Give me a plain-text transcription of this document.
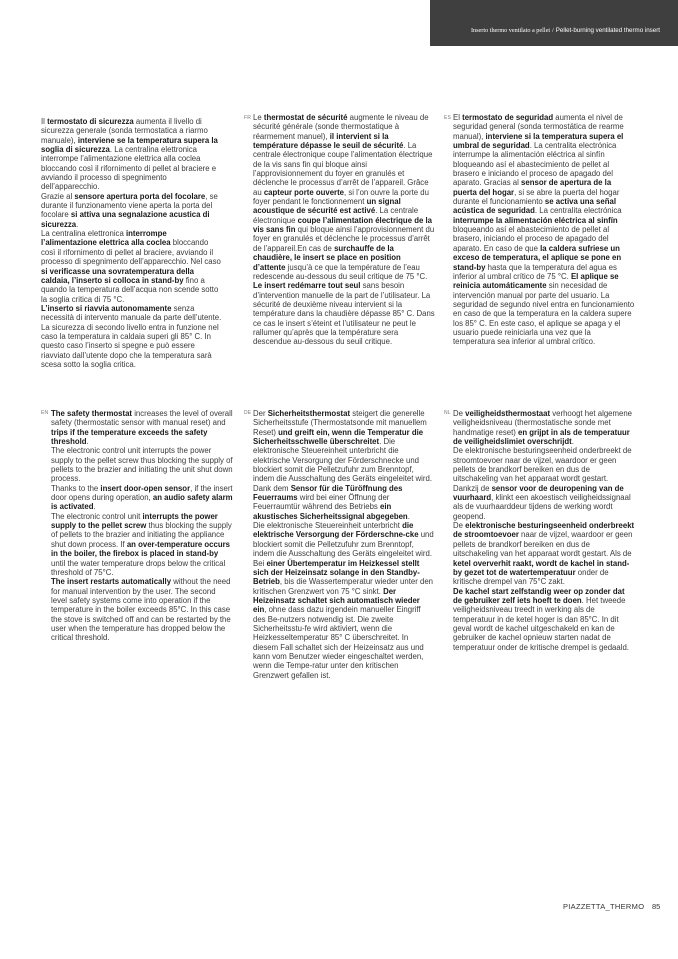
Inserto thermo ventilato a pellet / Pellet-burning ventilated thermo insert

Il termostato di sicurezza aumenta il livello di sicurezza generale (sonda termostatica a riarmo manuale), interviene se la temperatura supera la soglia di sicurezza. La centralina elettronica interrompe l’alimentazione elettrica alla coclea bloccando così il rifornimento di pellet al braciere e avviando il processo di spegnimento dell’apparecchio.

Grazie al sensore apertura porta del focolare, se durante il funzionamento viene aperta la porta del focolare si attiva una segnalazione acustica di sicurezza.

La centralina elettronica interrompe l’alimentazione elettrica alla coclea bloccando così il rifornimento di pellet al braciere, avviando il processo di spegnimento dell’apparecchio. Nel caso si verificasse una sovratemperatura della caldaia, l’inserto si colloca in stand-by fino a quando la temperatura dell’acqua non scende sotto la soglia critica di 75 °C.

L’inserto si riavvia autonomamente senza necessità di intervento manuale da parte dell’utente. La sicurezza di secondo livello entra in funzione nel caso la temperatura in caldaia superi gli 85° C. In questo caso l’inserto si spegne e può essere riavviato dall’utente dopo che la temperatura sarà scesa sotto la soglia critica.

FR Le thermostat de sécurité augmente le niveau de sécurité générale (sonde thermostatique à réarmement manuel), il intervient si la température dépasse le seuil de sécurité. La centrale électronique coupe l’alimentation électrique de la vis sans fin qui bloque ainsi l’approvisionnement du foyer en granulés et déclenche le processus d’arrêt de l’appareil. Grâce au capteur porte ouverte, si l’on ouvre la porte du foyer pendant le fonctionnement un signal acoustique de sécurité est activé. La centrale électronique coupe l’alimentation électrique de la vis sans fin qui bloque ainsi l’approvisionnement du foyer en granulés et déclenche le processus d’arrêt de l’appareil.En cas de surchauffe de la chaudière, le insert se place en position d’attente jusqu’à ce que la température de l’eau redescende au-dessous du seuil critique de 75 °C. Le insert redémarre tout seul sans besoin d’intervention manuelle de la part de l’utilisateur. La sécurité de deuxième niveau intervient si la température dans la chaudière dépasse 85° C. Dans ce cas le insert s’éteint et l’utilisateur ne peut le rallumer qu’après que la température sera descendue au-dessous du seuil critique.

ES El termostato de seguridad aumenta el nivel de seguridad general (sonda termostática de rearme manual), interviene si la temperatura supera el umbral de seguridad. La centralita electrónica interrumpe la alimentación eléctrica al sinfín bloqueando así el abastecimiento de pellet al brasero e iniciando el proceso de apagado del aparato. Gracias al sensor de apertura de la puerta del hogar, si se abre la puerta del hogar durante el funcionamiento se activa una señal acústica de seguridad. La centralita electrónica interrumpe la alimentación eléctrica al sinfín bloqueando así el abastecimiento de pellet al brasero, iniciando el proceso de apagado del aparato. En caso de que la caldera sufriese un exceso de temperatura, el aplique se pone en stand-by hasta que la temperatura del agua es inferior al umbral crítico de 75 °C. El aplique se reinicia automáticamente sin necesidad de intervención manual por parte del usuario. La seguridad de segundo nivel entra en funcionamiento en caso de que la temperatura en la caldera supere los 85° C. En este caso, el aplique se apaga y el usuario puede reiniciarla una vez que la temperatura sea inferior al umbral crítico.

EN The safety thermostat increases the level of overall safety (thermostatic sensor with manual reset) and trips if the temperature exceeds the safety threshold.

The electronic control unit interrupts the power supply to the pellet screw thus blocking the supply of pellets to the brazier and initiating the unit shut down process.

Thanks to the insert door-open sensor, if the insert door opens during operation, an audio safety alarm is activated.

The electronic control unit interrupts the power supply to the pellet screw thus blocking the supply of pellets to the brazier and initiating the appliance shut down process. If an over-temperature occurs in the boiler, the firebox is placed in stand-by until the water temperature drops below the critical threshold of 75°C.

The insert restarts automatically without the need for manual intervention by the user. The second level safety systems come into operation if the temperature in the boiler exceeds 85°C. In this case the stove is switched off and can be restarted by the user when the temperature has dropped below the critical threshold.

DE Der Sicherheitsthermostat steigert die generelle Sicherheitsstufe (Thermostatsonde mit manuellem Reset) und greift ein, wenn die Temperatur die Sicherheitsschwelle überschreitet. Die elektronische Steuereinheit unterbricht die elektrische Versorgung der Förderschnecke und blockiert somit die Pelletzufuhr zum Brenntopf, indem die Ausschaltung des Geräts eingeleitet wird. Dank dem Sensor für die Türöffnung des Feuerraums wird bei einer Öffnung der Feuerraumtür während des Betriebs ein akustisches Sicherheitssignal abgegeben.

Die elektronische Steuereinheit unterbricht die elektrische Versorgung der Förderschne-cke und blockiert somit die Pelletzufuhr zum Brenntopf, indem die Ausschaltung des Geräts eingeleitet wird. Bei einer Übertemperatur im Heizkessel stellt sich der Heizeinsatz solange in den Standby-Betrieb, bis die Wassertemperatur wieder unter den kritischen Grenzwert von 75 °C sinkt. Der Heizeinsatz schaltet sich automatisch wieder ein, ohne dass dazu irgendein manueller Eingriff des Be-nutzers notwendig ist. Die zweite Sicherheitsstu-fe wird aktiviert, wenn die Heizkesseltemperatur 85° C überschreitet. In diesem Fall schaltet sich der Heizeinsatz aus und kann vom Benutzer wieder eingeschaltet werden, wenn die Tempe-ratur unter den kritischen Grenzwert gefallen ist.

NL De veiligheidsthermostaat verhoogt het algemene veiligheidsniveau (thermostatische sonde met handmatige reset) en grijpt in als de temperatuur de veiligheidslimiet overschrijdt.

De elektronische besturingseenheid onderbreekt de stroomtoevoer naar de vijzel, waardoor er geen pellets de brandkorf bereiken en dus de uitschakeling van het apparaat wordt gestart.

Dankzij de sensor voor de deuropening van de vuurhaard, klinkt een akoestisch veiligheidssignaal als de vuurhaarddeur tijdens de werking wordt geopend.

De elektronische besturingseenheid onderbreekt de stroomtoevoer naar de vijzel, waardoor er geen pellets de brandkorf bereiken en dus de uitschakeling van het apparaat wordt gestart. Als de ketel oververhit raakt, wordt de kachel in stand-by gezet tot de watertemperatuur onder de kritische drempel van 75°C zakt.

De kachel start zelfstandig weer op zonder dat de gebruiker zelf iets hoeft te doen. Het tweede veiligheidsniveau treedt in werking als de temperatuur in de ketel hoger is dan 85°C. In dit geval wordt de kachel uitgeschakeld en kan de gebruiker de kachel opnieuw starten nadat de temperatuur onder de kritische drempel is gedaald.

PIAZZETTA_THERMO 85
